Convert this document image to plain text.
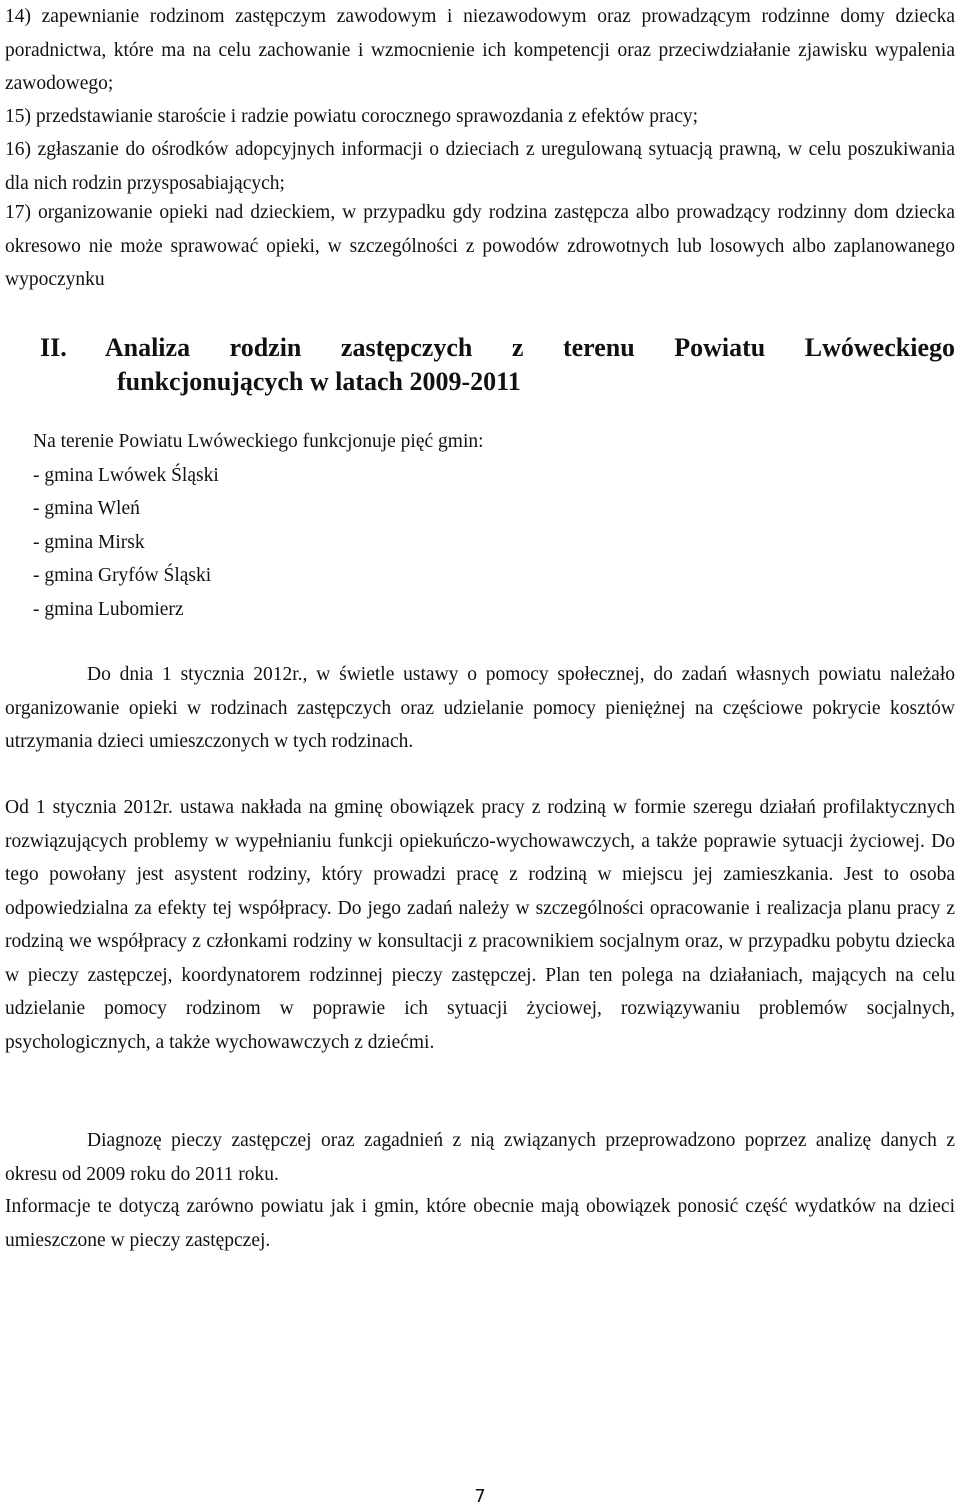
14) zapewnianie rodzinom zastępczym zawodowym i niezawodowym oraz prowadzącym rodzinne domy dziecka poradnictwa, które ma na celu zachowanie i wzmocnienie ich kompetencji oraz przeciwdziałanie zjawisku wypalenia zawodowego;

15) przedstawianie staroście i radzie powiatu corocznego sprawozdania z efektów pracy;

16) zgłaszanie do ośrodków adopcyjnych informacji o dzieciach z uregulowaną sytuacją prawną, w celu poszukiwania dla nich rodzin przysposabiających;

17) organizowanie opieki nad dzieckiem, w przypadku gdy rodzina zastępcza albo prowadzący rodzinny dom dziecka okresowo nie może sprawować opieki, w szczególności z powodów zdrowotnych lub losowych albo zaplanowanego wypoczynku

II. Analiza rodzin zastępczych z terenu Powiatu Lwóweckiego
funkcjonujących w latach 2009-2011
Na terenie Powiatu Lwóweckiego funkcjonuje pięć gmin:
- gmina Lwówek Śląski
- gmina Wleń
- gmina Mirsk
- gmina Gryfów Śląski
- gmina Lubomierz

Do dnia 1 stycznia 2012r., w świetle ustawy o pomocy społecznej, do zadań własnych powiatu należało organizowanie opieki w rodzinach zastępczych oraz udzielanie pomocy pieniężnej na częściowe pokrycie kosztów utrzymania dzieci umieszczonych w tych rodzinach.

Od 1 stycznia 2012r. ustawa nakłada na gminę obowiązek pracy z rodziną w formie szeregu działań profilaktycznych rozwiązujących problemy w wypełnianiu funkcji opiekuńczo-wychowawczych, a także poprawie sytuacji życiowej. Do tego powołany jest asystent rodziny, który prowadzi pracę z rodziną w miejscu jej zamieszkania. Jest to osoba odpowiedzialna za efekty tej współpracy. Do jego zadań należy w szczególności opracowanie i realizacja planu pracy z rodziną we współpracy z członkami rodziny w konsultacji z pracownikiem socjalnym oraz, w przypadku pobytu dziecka w pieczy zastępczej, koordynatorem rodzinnej pieczy zastępczej. Plan ten polega na działaniach, mających na celu udzielanie pomocy rodzinom w poprawie ich sytuacji życiowej, rozwiązywaniu problemów socjalnych, psychologicznych, a także wychowawczych z dziećmi.

Diagnozę pieczy zastępczej oraz zagadnień z nią związanych przeprowadzono poprzez analizę danych z okresu od 2009 roku do 2011 roku.

Informacje te dotyczą zarówno powiatu jak i gmin, które obecnie mają obowiązek ponosić część wydatków na dzieci umieszczone w pieczy zastępczej.

7
